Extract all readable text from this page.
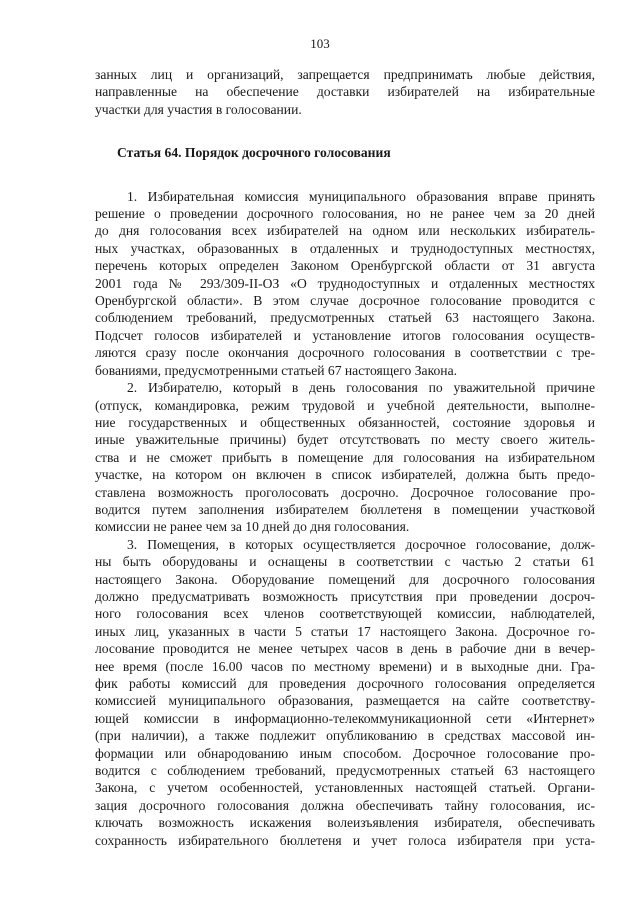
103
занных лиц и организаций, запрещается предпринимать любые действия,
направленные на обеспечение доставки избирателей на избирательные
участки для участия в голосовании.
Статья 64. Порядок досрочного голосования
1. Избирательная комиссия муниципального образования вправе принять
решение о проведении досрочного голосования, но не ранее чем за 20 дней
до дня голосования всех избирателей на одном или нескольких избиратель-
ных участках, образованных в отдаленных и труднодоступных местностях,
перечень которых определен Законом Оренбургской области от 31 августа
2001 года № 293/309-II-ОЗ «О труднодоступных и отдаленных местностях
Оренбургской области». В этом случае досрочное голосование проводится с
соблюдением требований, предусмотренных статьей 63 настоящего Закона.
Подсчет голосов избирателей и установление итогов голосования осуществ-
ляются сразу после окончания досрочного голосования в соответствии с тре-
бованиями, предусмотренными статьей 67 настоящего Закона.
2. Избирателю, который в день голосования по уважительной причине
(отпуск, командировка, режим трудовой и учебной деятельности, выполне-
ние государственных и общественных обязанностей, состояние здоровья и
иные уважительные причины) будет отсутствовать по месту своего житель-
ства и не сможет прибыть в помещение для голосования на избирательном
участке, на котором он включен в список избирателей, должна быть предо-
ставлена возможность проголосовать досрочно. Досрочное голосование про-
водится путем заполнения избирателем бюллетеня в помещении участковой
комиссии не ранее чем за 10 дней до дня голосования.
3. Помещения, в которых осуществляется досрочное голосование, долж-
ны быть оборудованы и оснащены в соответствии с частью 2 статьи 61
настоящего Закона. Оборудование помещений для досрочного голосования
должно предусматривать возможность присутствия при проведении досроч-
ного голосования всех членов соответствующей комиссии, наблюдателей,
иных лиц, указанных в части 5 статьи 17 настоящего Закона. Досрочное го-
лосование проводится не менее четырех часов в день в рабочие дни в вечер-
нее время (после 16.00 часов по местному времени) и в выходные дни. Гра-
фик работы комиссий для проведения досрочного голосования определяется
комиссией муниципального образования, размещается на сайте соответству-
ющей комиссии в информационно-телекоммуникационной сети «Интернет»
(при наличии), а также подлежит опубликованию в средствах массовой ин-
формации или обнародованию иным способом. Досрочное голосование про-
водится с соблюдением требований, предусмотренных статьей 63 настоящего
Закона, с учетом особенностей, установленных настоящей статьей. Органи-
зация досрочного голосования должна обеспечивать тайну голосования, ис-
ключать возможность искажения волеизъявления избирателя, обеспечивать
сохранность избирательного бюллетеня и учет голоса избирателя при уста-
